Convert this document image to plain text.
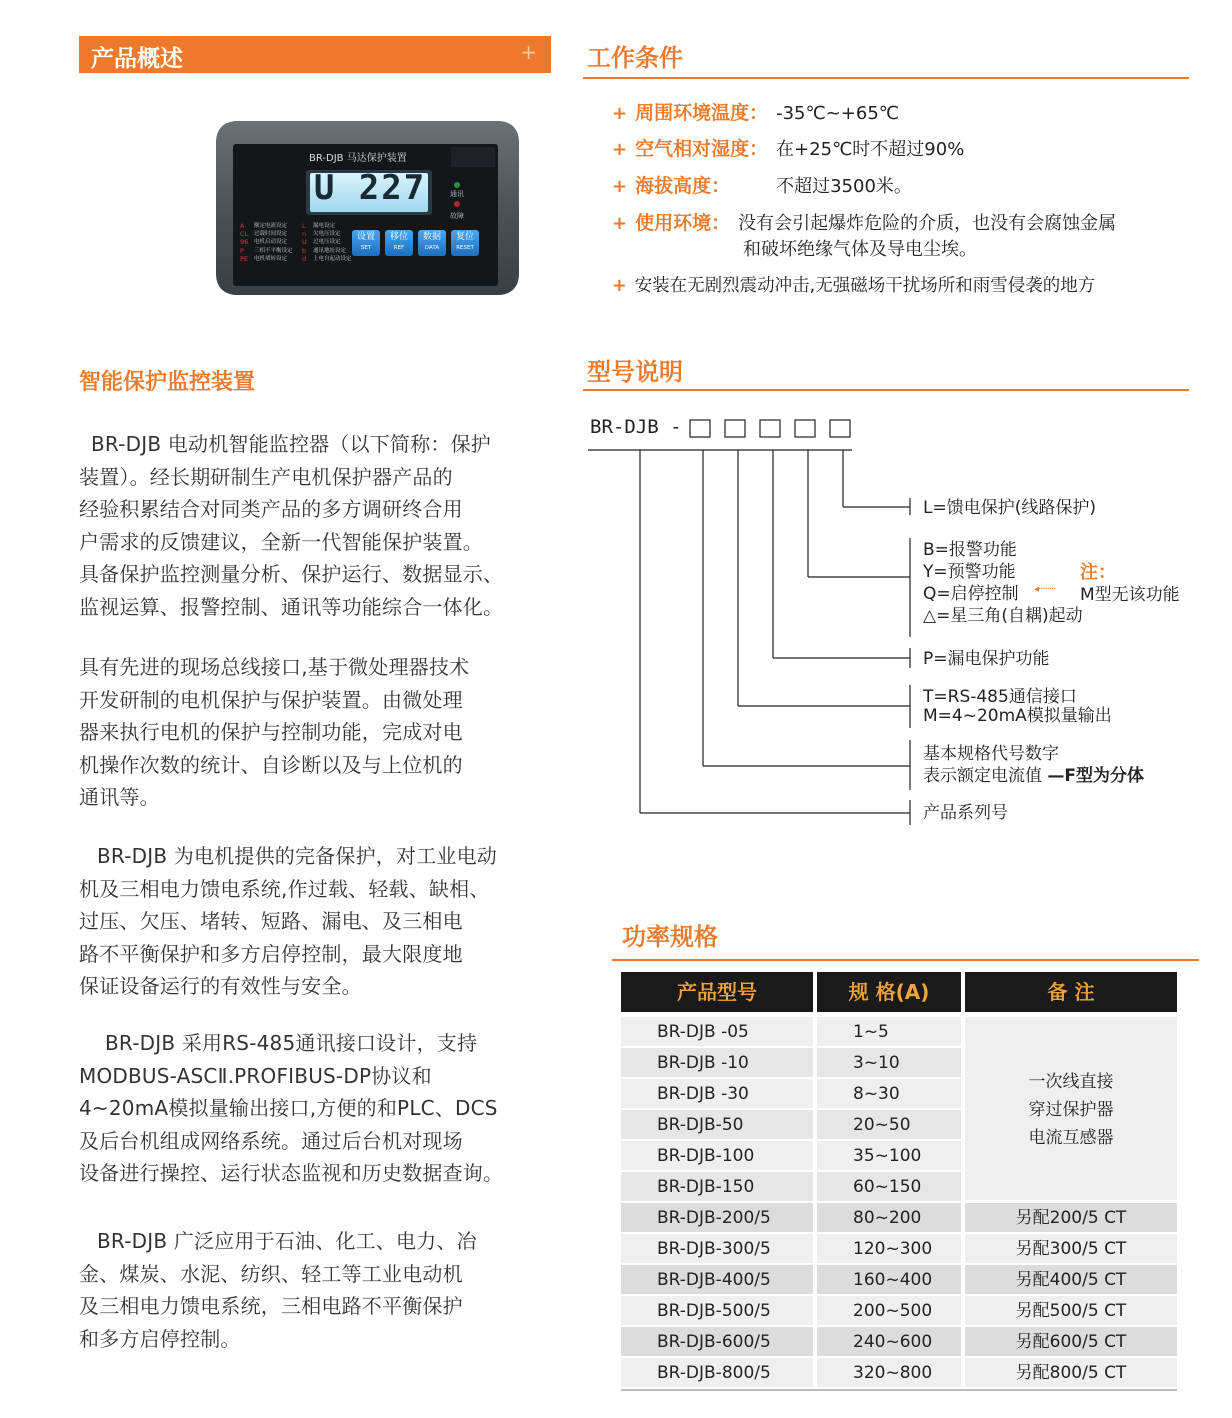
产品概述	+
BR-DJB 马达保护装置
U 227	通讯
故障
A
CL
96
P
PE
额定电流设定
过载时间设定
电机启动设定
三相不平衡设定
电机堵转设定
L
n
U
b
d
漏电设定
欠电压设定
过电压设定
通讯地址设定
上电自起动设定
设置
SET
移位
REF
数据
DATA
复位
RESET
智能保护监控装置
BR-DJB 电动机智能监控器（以下简称：保护
装置）。经长期研制生产电机保护器产品的
经验积累结合对同类产品的多方调研终合用
户需求的反馈建议，全新一代智能保护装置。
具备保护监控测量分析、保护运行、数据显示、
监视运算、报警控制、通讯等功能综合一体化。
具有先进的现场总线接口,基于微处理器技术
开发研制的电机保护与保护装置。由微处理
器来执行电机的保护与控制功能，完成对电
机操作次数的统计、自诊断以及与上位机的
通讯等。
BR-DJB 为电机提供的完备保护，对工业电动
机及三相电力馈电系统,作过载、轻载、缺相、
过压、欠压、堵转、短路、漏电、及三相电
路不平衡保护和多方启停控制，最大限度地
保证设备运行的有效性与安全。
BR-DJB 采用RS-485通讯接口设计，支持
MODBUS-ASCⅡ.PROFIBUS-DP协议和
4~20mA模拟量输出接口,方便的和PLC、DCS
及后台机组成网络系统。通过后台机对现场
设备进行操控、运行状态监视和历史数据查询。
BR-DJB 广泛应用于石油、化工、电力、冶
金、煤炭、水泥、纺织、轻工等工业电动机
及三相电力馈电系统，三相电路不平衡保护
和多方启停控制。
工作条件
+ 周围环境温度： -35℃~+65℃
+ 空气相对湿度： 在+25℃时不超过90%
+ 海拔高度：	不超过3500米。
+ 使用环境： 没有会引起爆炸危险的介质，也没有会腐蚀金属
和破坏绝缘气体及导电尘埃。
+ 安装在无剧烈震动冲击,无强磁场干扰场所和雨雪侵袭的地方
型号说明
BR-DJB -
L=馈电保护(线路保护)
B=报警功能
Y=预警功能
Q=启停控制
△=星三角(自耦)起动
注：
◂········ M型无该功能
P=漏电保护功能
T=RS-485通信接口
M=4~20mA模拟量输出
基本规格代号数字
表示额定电流值 —F型为分体
产品系列号
功率规格
产品型号	规 格(A)	备 注
一次线直接
穿过保护器
电流互感器
BR-DJB -05	1~5
BR-DJB -10	3~10
BR-DJB -30	8~30
BR-DJB-50	20~50
BR-DJB-100	35~100
BR-DJB-150	60~150
BR-DJB-200/5	80~200	另配200/5 CT
BR-DJB-300/5	120~300	另配300/5 CT
BR-DJB-400/5	160~400	另配400/5 CT
BR-DJB-500/5	200~500	另配500/5 CT
BR-DJB-600/5	240~600	另配600/5 CT
BR-DJB-800/5	320~800	另配800/5 CT
